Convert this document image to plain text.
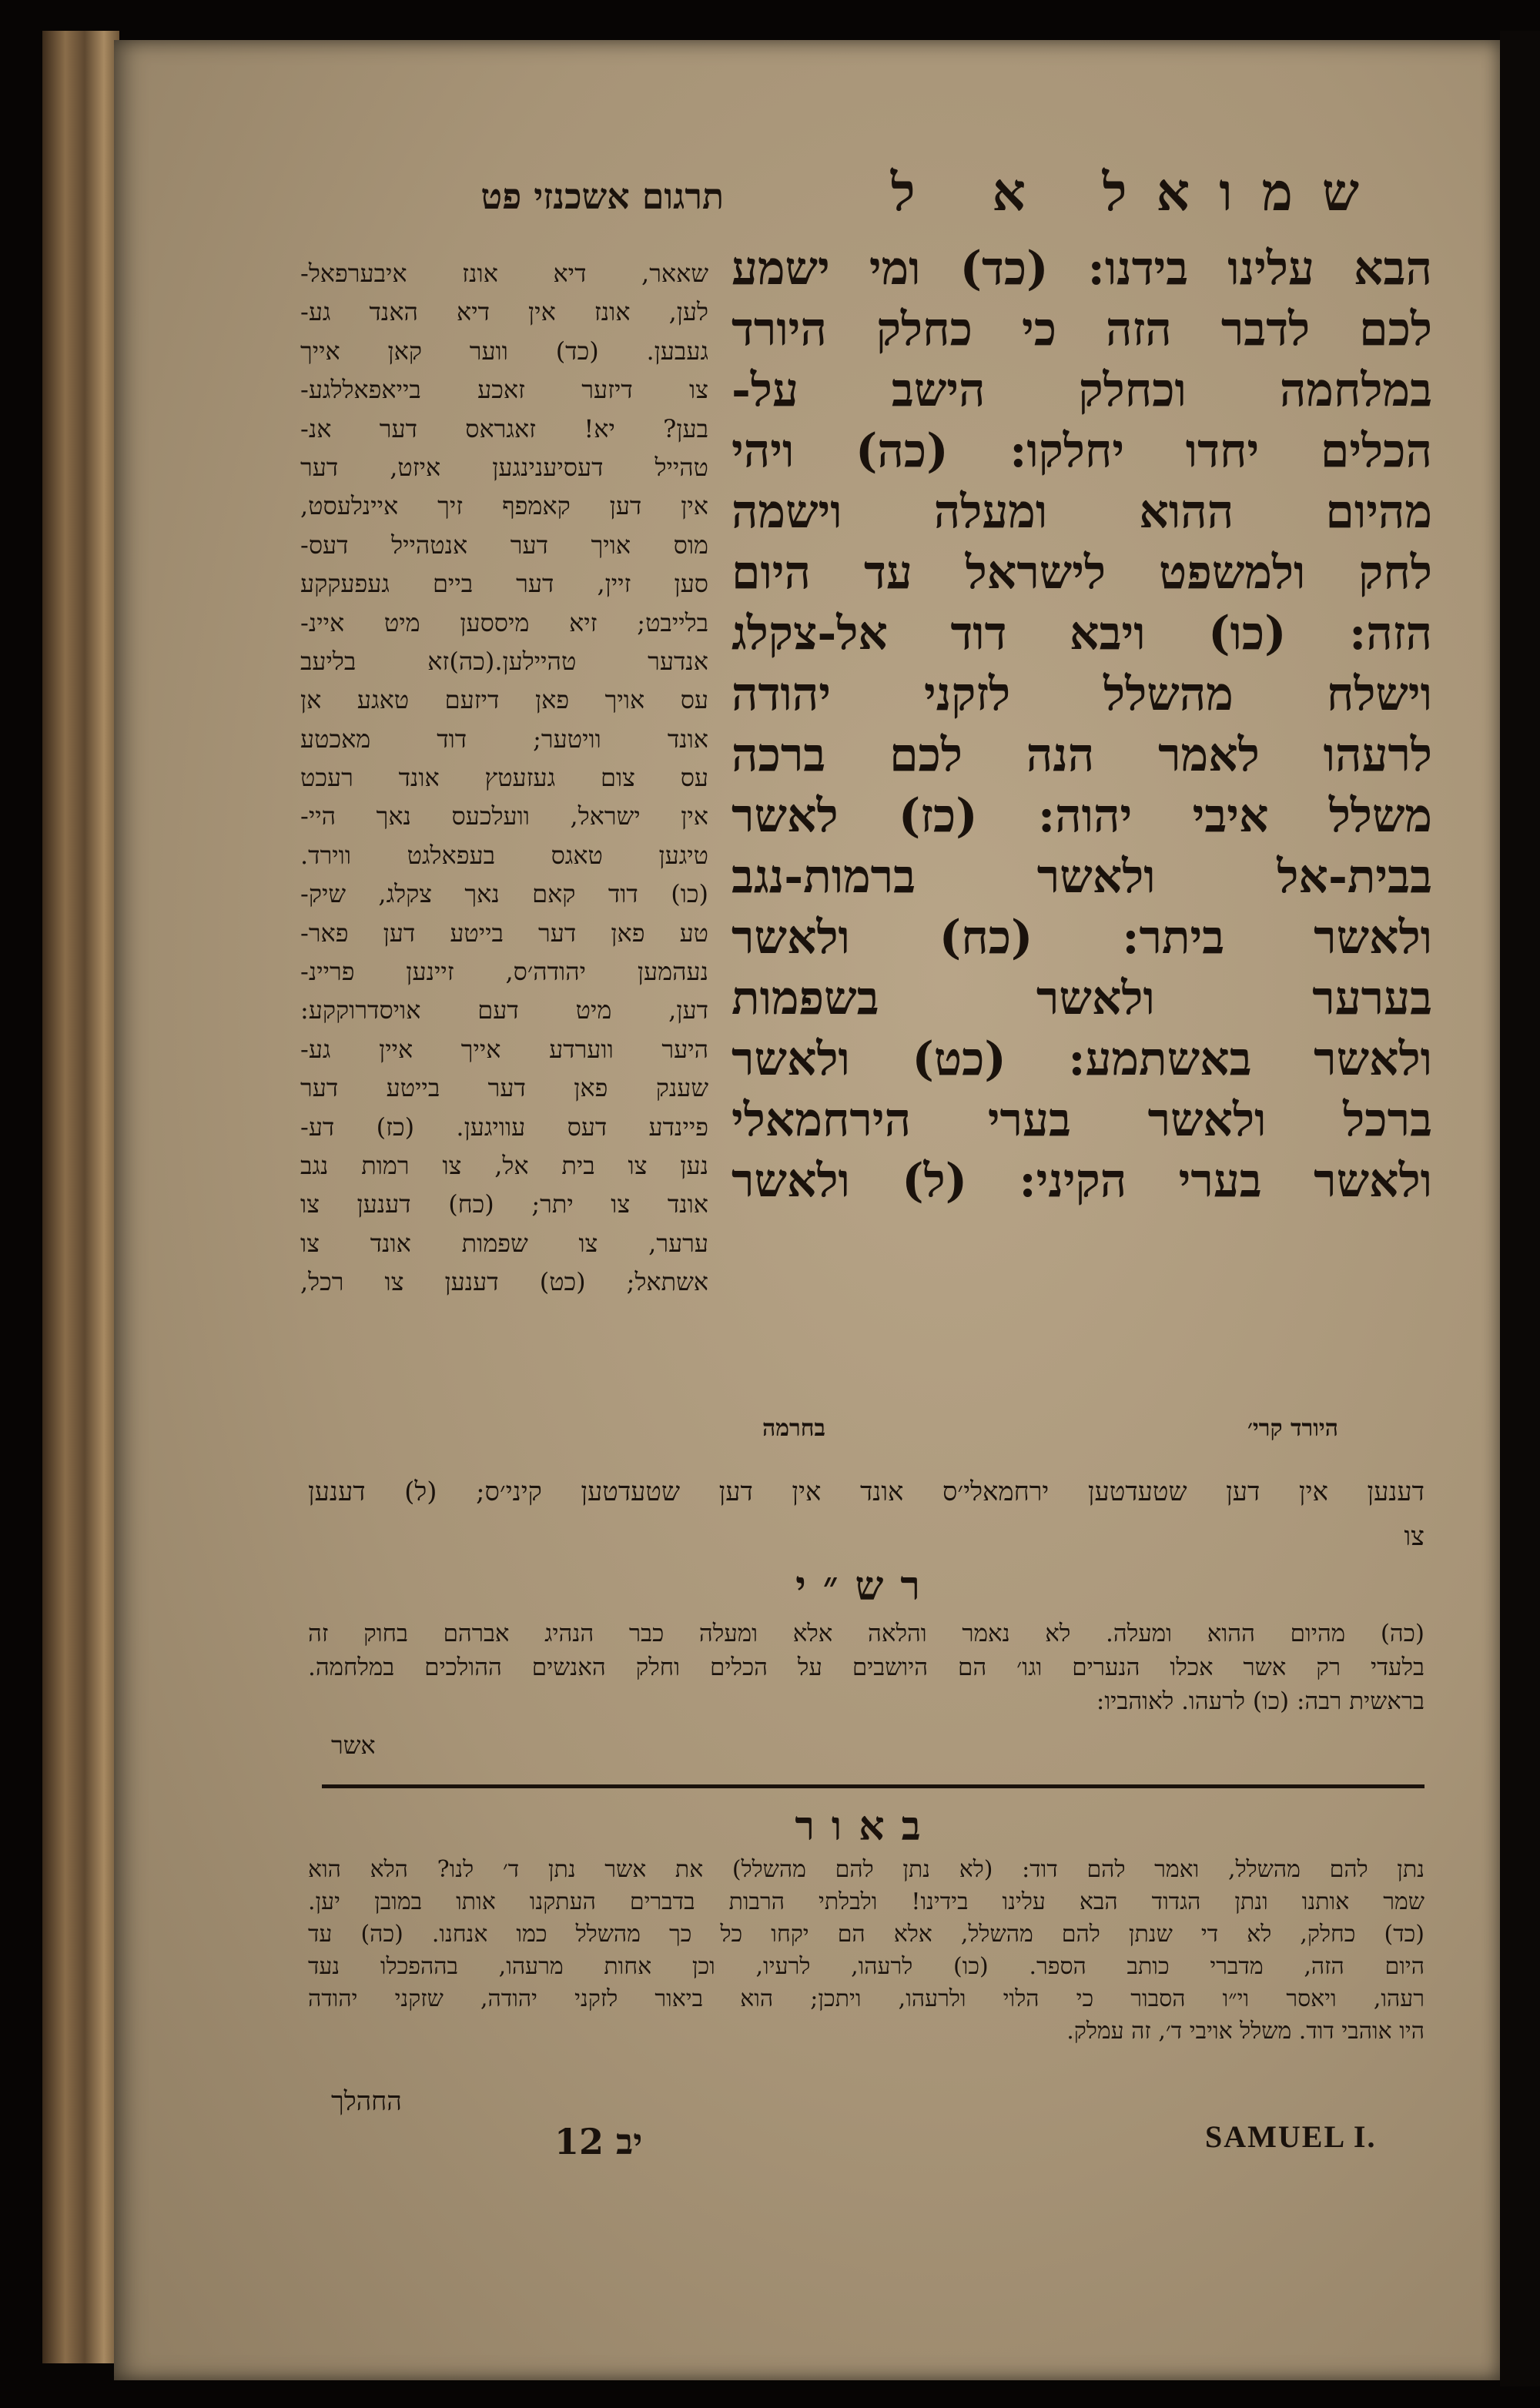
שמואל א ל
תרגום אשכנזי פט
הבא עלינו בידנו: (כד) ומי ישמע
לכם לדבר הזה כי כחלק היורד
במלחמה וכחלק הישב על-
הכלים יחדו יחלקו: (כה) ויהי
מהיום ההוא ומעלה וישמה
לחק ולמשפט לישראל עד היום
הזה: (כו) ויבא דוד אל-צקלג
וישלח מהשלל לזקני יהודה
לרעהו לאמר הנה לכם ברכה
משלל איבי יהוה: (כז) לאשר
בבית-אל ולאשר ברמות-נגב
ולאשר ביתר: (כח) ולאשר
בערער ולאשר בשפמות
ולאשר באשתמע: (כט) ולאשר
ברכל ולאשר בערי הירחמאלי
ולאשר בערי הקיני: (ל) ולאשר
היורד קרי׳
בחרמה
שאאר, דיא אונז איבערפאל-
לען, אונז אין דיא האנד גע-
געבען. (כד) ווער קאן אייך
צו דיזער זאכע בייאפאללגע-
בען? יא! זאגראס דער אנ-
טהייל דעסיענינגען איזט, דער
אין דען קאמפף זיך איינלעסט,
מוס אויך דער אנטהייל דעס-
סען זיין, דער ביים געפעקקע
בלייבט; זיא מיססען מיט איינ-
אנדער טהיילען.(כה)זא בליעב
עס אויך פאן דיזעם טאגע אן
אונד וויטער; דוד מאכטע
עס צום געזעטץ אונד רעכט
אין ישראל, וועלכעס נאך היי-
טיגען טאגס בעפאלגט ווירד.
(כו) דוד קאם נאך צקלג, שיק-
טע פאן דער בייטע דען פאר-
נעהמען יהודה׳ס, זיינען פריינ-
דען, מיט דעם אויסדרוקקע:
היער ווערדע אייך איין גע-
שענק פאן דער בייטע דער
פיינדע דעס עוויגען. (כז) דע-
נען צו בית אל, צו רמות נגב
אונד צו יתר; (כח) דענען צו
ערער, צו שפמות אונד צו
אשתאל; (כט) דענען צו רכל,
דענען אין דען שטעדטען ירחמאלי׳ס אונד אין דען שטעדטען קיני׳ס; (ל) דענען
צו
רש״י
(כה) מהיום ההוא ומעלה. לא נאמר והלאה אלא ומעלה כבר הנהיג אברהם בחוק זה
בלעדי רק אשר אכלו הנערים וגו׳ הם היושבים על הכלים וחלק האנשים ההולכים במלחמה.
בראשית רבה: (כו) לרעהו. לאוהביו:
אשר
באור
נתן להם מהשלל, ואמר להם דוד: (לא נתן להם מהשלל) את אשר נתן ד׳ לנו? הלא הוא
שמר אותנו ונתן הגדוד הבא עלינו בידינו! ולבלתי הרבות בדברים העתקנו אותו במובן יען.
(כד) כחלק, לא די שנתן להם מהשלל, אלא הם יקחו כל כך מהשלל כמו אנחנו. (כה) עד
היום הזה, מדברי כותב הספר. (כו) לרעהו, לרעיו, וכן אחות מרעהו, בההפכלו נעד
רעהו, ויאסר וי״ו הסבור כי הלוי ולרעהו, ויתכן; הוא ביאור לזקני יהודה, שזקני יהודה
היו אוהבי דוד. משלל אויבי ד׳, זה עמלק.
החהלך
12 יב	SAMUEL I.
